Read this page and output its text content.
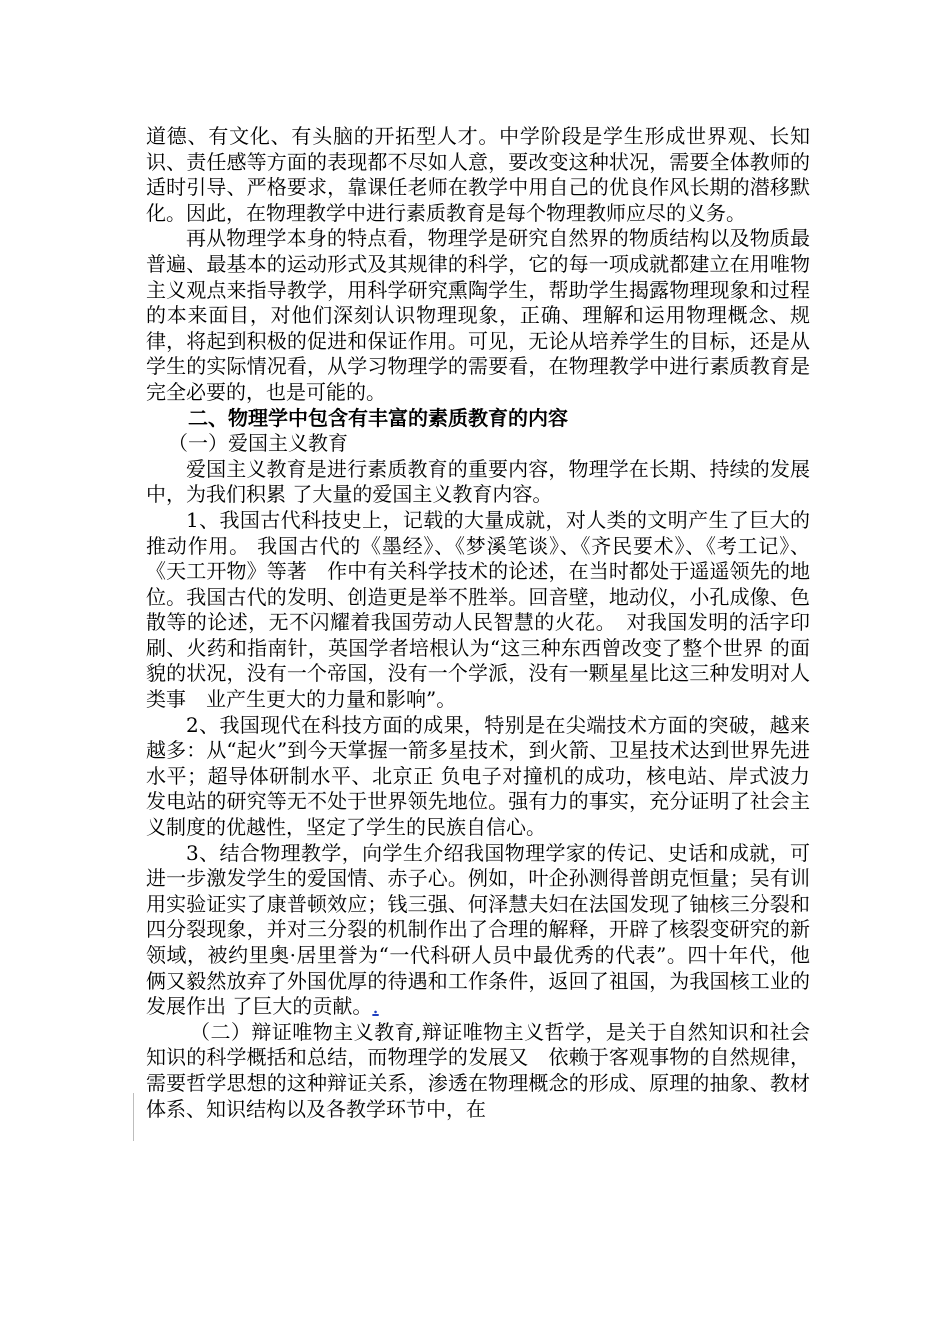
道德、有文化、有头脑的开拓型人才。中学阶段是学生形成世界观、长知识、责任感等方面的表现都不尽如人意，要改变这种状况，需要全体教师的适时引导、严格要求，靠课任老师在教学中用自己的优良作风长期的潜移默化。因此，在物理教学中进行素质教育是每个物理教师应尽的义务。

再从物理学本身的特点看，物理学是研究自然界的物质结构以及物质最普遍、最基本的运动形式及其规律的科学，它的每一项成就都建立在用唯物主义观点来指导教学，用科学研究熏陶学生，帮助学生揭露物理现象和过程的本来面目，对他们深刻认识物理现象，正确、理解和运用物理概念、规律，将起到积极的促进和保证作用。可见，无论从培养学生的目标，还是从学生的实际情况看，从学习物理学的需要看，在物理教学中进行素质教育是完全必要的，也是可能的。

二、物理学中包含有丰富的素质教育的内容

（一）爱国主义教育

爱国主义教育是进行素质教育的重要内容，物理学在长期、持续的发展中，为我们积累 了大量的爱国主义教育内容。

1、我国古代科技史上，记载的大量成就，对人类的文明产生了巨大的推动作用。 我国古代的《墨经》、《梦溪笔谈》、《齐民要术》、《考工记》、《天工开物》等著　作中有关科学技术的论述，在当时都处于遥遥领先的地位。我国古代的发明、创造更是举不胜举。回音壁，地动仪，小孔成像、色散等的论述，无不闪耀着我国劳动人民智慧的火花。　对我国发明的活字印刷、火药和指南针，英国学者培根认为“这三种东西曾改变了整个世界 的面貌的状况，没有一个帝国，没有一个学派，没有一颗星星比这三种发明对人类事　业产生更大的力量和影响”。

2、我国现代在科技方面的成果，特别是在尖端技术方面的突破，越来越多：从“起火”到今天掌握一箭多星技术，到火箭、卫星技术达到世界先进水平；超导体研制水平、北京正 负电子对撞机的成功，核电站、岸式波力发电站的研究等无不处于世界领先地位。强有力的事实，充分证明了社会主义制度的优越性，坚定了学生的民族自信心。

3、结合物理教学，向学生介绍我国物理学家的传记、史话和成就，可进一步激发学生的爱国情、赤子心。例如，叶企孙测得普朗克恒量；吴有训用实验证实了康普顿效应；钱三强、何泽慧夫妇在法国发现了铀核三分裂和四分裂现象，并对三分裂的机制作出了合理的解释，开辟了核裂变研究的新领域，被约里奥·居里誉为“一代科研人员中最优秀的代表”。四十年代，他俩又毅然放弃了外国优厚的待遇和工作条件，返回了祖国，为我国核工业的发展作出 了巨大的贡献。.

（二）辩证唯物主义教育,辩证唯物主义哲学，是关于自然知识和社会知识的科学概括和总结，而物理学的发展又　依赖于客观事物的自然规律，需要哲学思想的这种辩证关系，渗透在物理概念的形成、原理的抽象、教材体系、知识结构以及各教学环节中，在
